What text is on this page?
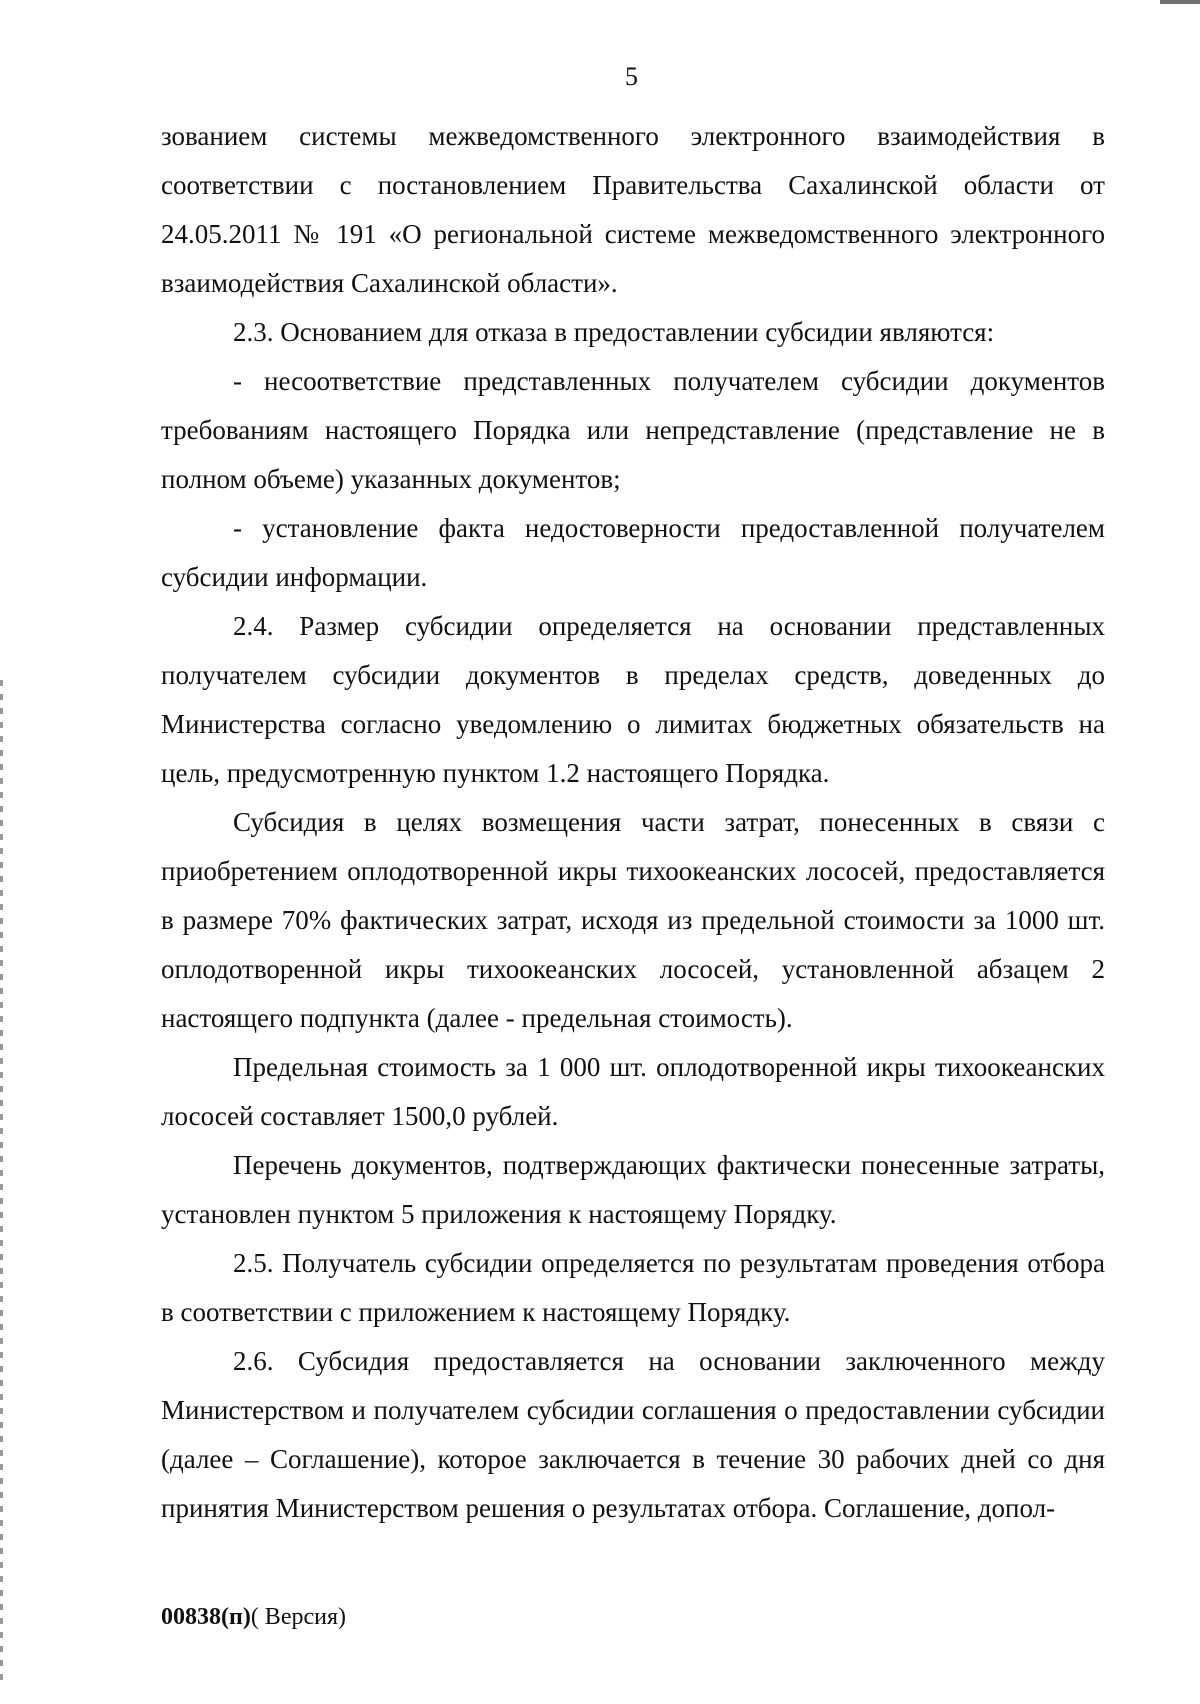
5

зованием системы межведомственного электронного взаимодействия в соответствии с постановлением Правительства Сахалинской области от 24.05.2011 № 191 «О региональной системе межведомственного электронного взаимодействия Сахалинской области».

2.3. Основанием для отказа в предоставлении субсидии являются:

- несоответствие представленных получателем субсидии документов требованиям настоящего Порядка или непредставление (представление не в полном объеме) указанных документов;

- установление факта недостоверности предоставленной получателем субсидии информации.

2.4. Размер субсидии определяется на основании представленных получателем субсидии документов в пределах средств, доведенных до Министерства согласно уведомлению о лимитах бюджетных обязательств на цель, предусмотренную пунктом 1.2 настоящего Порядка.

Субсидия в целях возмещения части затрат, понесенных в связи с приобретением оплодотворенной икры тихоокеанских лососей, предоставляется в размере 70% фактических затрат, исходя из предельной стоимости за 1000 шт. оплодотворенной икры тихоокеанских лососей, установленной абзацем 2 настоящего подпункта (далее - предельная стоимость).

Предельная стоимость за 1 000 шт. оплодотворенной икры тихоокеанских лососей составляет 1500,0 рублей.

Перечень документов, подтверждающих фактически понесенные затраты, установлен пунктом 5 приложения к настоящему Порядку.

2.5. Получатель субсидии определяется по результатам проведения отбора в соответствии с приложением к настоящему Порядку.

2.6. Субсидия предоставляется на основании заключенного между Министерством и получателем субсидии соглашения о предоставлении субсидии (далее – Соглашение), которое заключается в течение 30 рабочих дней со дня принятия Министерством решения о результатах отбора. Соглашение, допол-

00838(п)( Версия)
